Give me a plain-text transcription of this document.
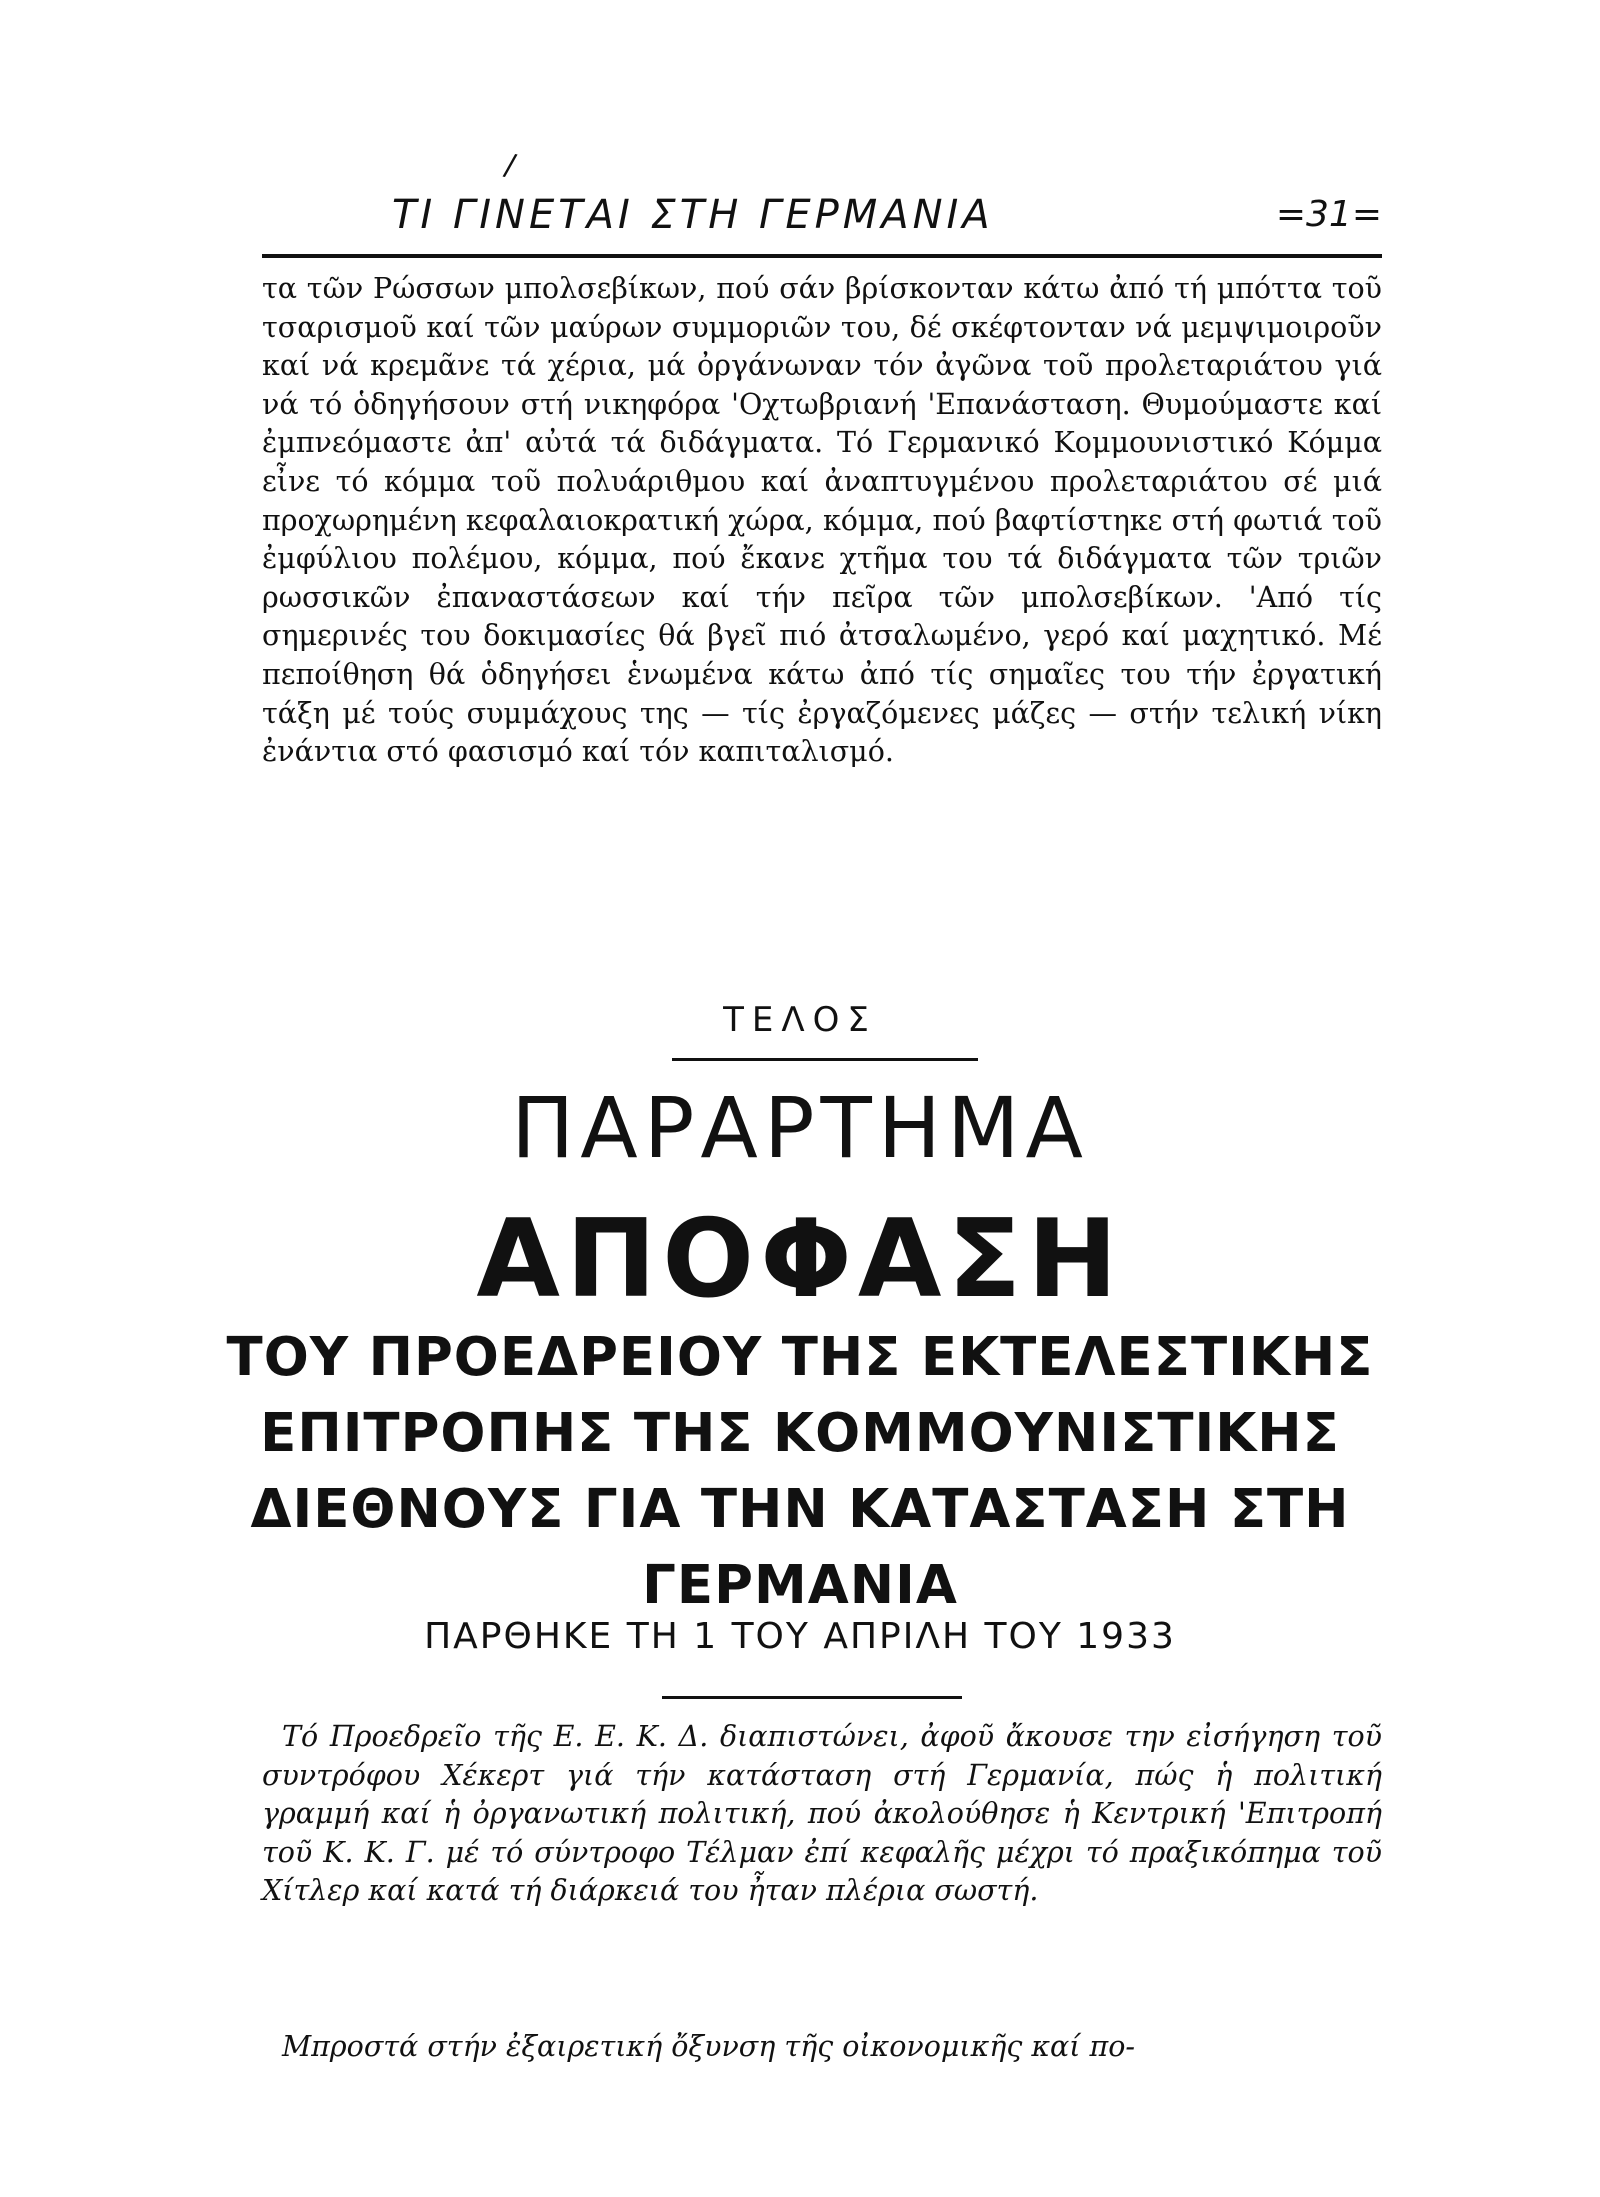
/
ΤΙ ΓΙΝΕΤΑΙ ΣΤΗ ΓΕΡΜΑΝΙΑ	=31=

τα τῶν Ρώσσων μπολσεβίκων, πού σάν βρίσκονταν κάτω ἀπό τή μπόττα τοῦ τσαρισμοῦ καί τῶν μαύρων συμμοριῶν του, δέ σκέφτονταν νά μεμψιμοιροῦν καί νά κρεμᾶνε τά χέρια, μά ὀργάνωναν τόν ἀγῶνα τοῦ προλεταριάτου γιά νά τό ὁδηγήσουν στή νικηφόρα 'Οχτωβριανή 'Επανάσταση. Θυμούμαστε καί ἐμπνεόμαστε ἀπ' αὐτά τά διδάγματα. Τό Γερμανικό Κομμουνιστικό Κόμμα εἶνε τό κόμμα τοῦ πολυάριθμου καί ἀναπτυγμένου προλεταριάτου σέ μιά προχωρημένη κεφαλαιοκρατική χώρα, κόμμα, πού βαφτίστηκε στή φωτιά τοῦ ἐμφύλιου πολέμου, κόμμα, πού ἔκανε χτῆμα του τά διδάγματα τῶν τριῶν ρωσσικῶν ἐπαναστάσεων καί τήν πεῖρα τῶν μπολσεβίκων. 'Από τίς σημερινές του δοκιμασίες θά βγεῖ πιό ἀτσαλωμένο, γερό καί μαχητικό. Μέ πεποίθηση θά ὁδηγήσει ἑνωμένα κάτω ἀπό τίς σημαῖες του τήν ἐργατική τάξη μέ τούς συμμάχους της — τίς ἐργαζόμενες μάζες — στήν τελική νίκη ἐνάντια στό φασισμό καί τόν καπιταλισμό.

ΤΕΛΟΣ
ΠΑΡΑΡΤΗΜΑ
ΑΠΟΦΑΣΗ

ΤΟΥ ΠΡΟΕΔΡΕΙΟΥ ΤΗΣ ΕΚΤΕΛΕΣΤΙΚΗΣ ΕΠΙΤΡΟΠΗΣ ΤΗΣ ΚΟΜΜΟΥΝΙΣΤΙΚΗΣ ΔΙΕΘΝΟΥΣ ΓΙΑ ΤΗΝ ΚΑΤΑΣΤΑΣΗ ΣΤΗ ΓΕΡΜΑΝΙΑ

ΠΑΡΘΗΚΕ ΤΗ 1 ΤΟΥ ΑΠΡΙΛΗ ΤΟΥ 1933

Τό Προεδρεῖο τῆς Ε. Ε. Κ. Δ. διαπιστώνει, ἀφοῦ ἄκουσε την εἰσήγηση τοῦ συντρόφου Χέκερτ γιά τήν κατάσταση στή Γερμανία, πώς ἡ πολιτική γραμμή καί ἡ ὀργανωτική πολιτική, πού ἀκολούθησε ἡ Κεντρική 'Επιτροπή τοῦ Κ. Κ. Γ. μέ τό σύντροφο Τέλμαν ἐπί κεφαλῆς μέχρι τό πραξικόπημα τοῦ Χίτλερ καί κατά τή διάρκειά του ἦταν πλέρια σωστή.

Μπροστά στήν ἐξαιρετική ὄξυνση τῆς οἰκονομικῆς καί πο-
